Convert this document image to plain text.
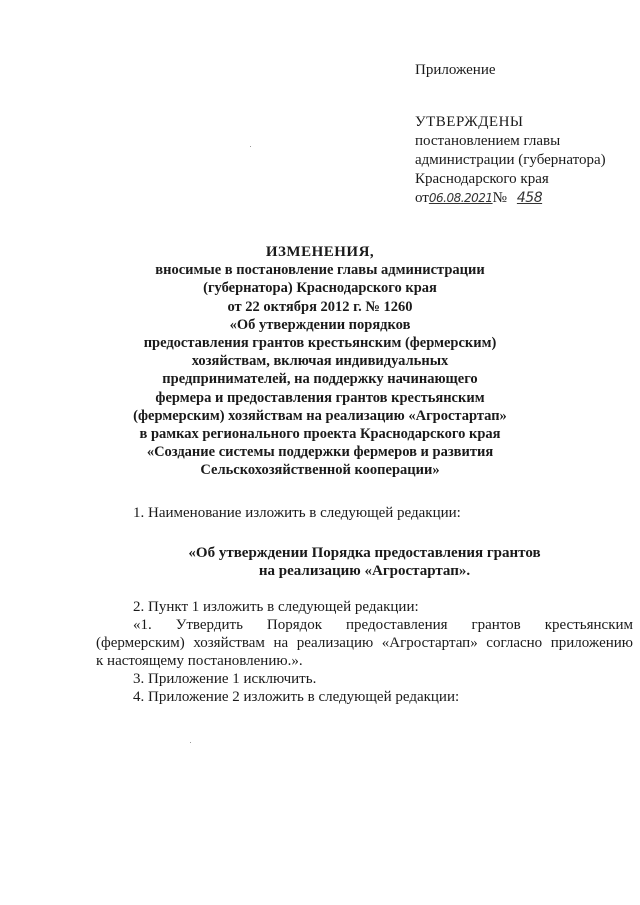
Приложение
УТВЕРЖДЕНЫ
постановлением главы
администрации (губернатора)
Краснодарского края
от06.08.2021№ 458
ИЗМЕНЕНИЯ,
вносимые в постановление главы администрации
(губернатора) Краснодарского края
от 22 октября 2012 г. № 1260
«Об утверждении порядков
предоставления грантов крестьянским (фермерским)
хозяйствам, включая индивидуальных
предпринимателей, на поддержку начинающего
фермера и предоставления грантов крестьянским
(фермерским) хозяйствам на реализацию «Агростартап»
в рамках регионального проекта Краснодарского края
«Создание системы поддержки фермеров и развития
Сельскохозяйственной кооперации»
1. Наименование изложить в следующей редакции:
«Об утверждении Порядка предоставления грантов
на реализацию «Агростартап».
2. Пункт 1 изложить в следующей редакции:
«1. Утвердить Порядок предоставления грантов крестьянским
(фермерским) хозяйствам на реализацию «Агростартап» согласно приложению
к настоящему постановлению.».
3. Приложение 1 исключить.
4. Приложение 2 изложить в следующей редакции:
